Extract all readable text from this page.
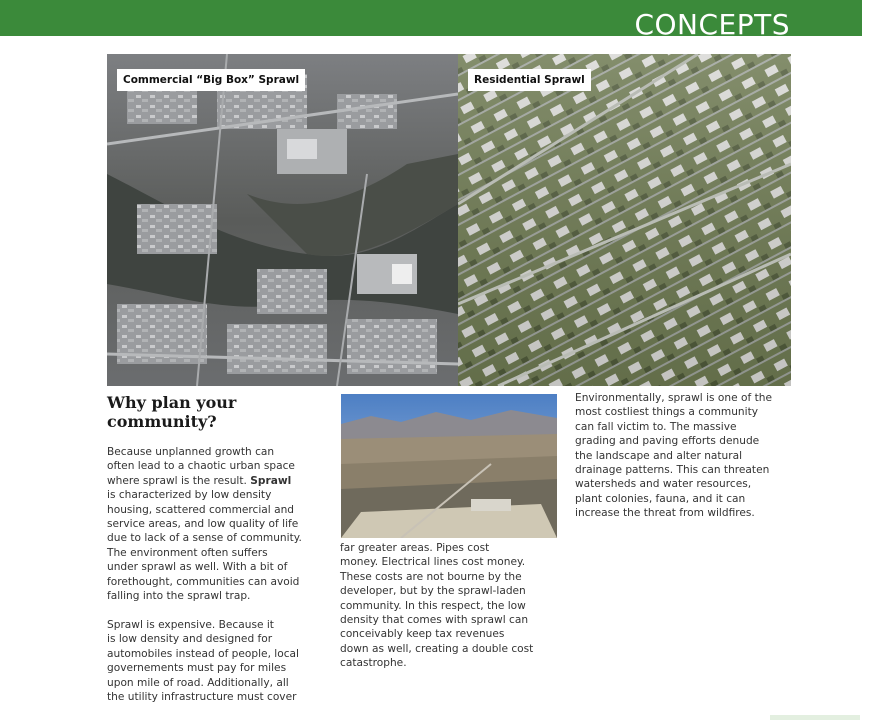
CONCEPTS
Commercial “Big Box” Sprawl	Residential Sprawl
Why plan your community?
Because unplanned growth can
often lead to a chaotic urban space
where sprawl is the result. Sprawl
is characterized by low density
housing, scattered commercial and
service areas, and low quality of life
due to lack of a sense of community.
The environment often suffers
under sprawl as well. With a bit of
forethought, communities can avoid
falling into the sprawl trap.
Sprawl is expensive. Because it
is low density and designed for
automobiles instead of people, local
governements must pay for miles
upon mile of road. Additionally, all
the utility infrastructure must cover
far greater areas. Pipes cost
money. Electrical lines cost money.
These costs are not bourne by the
developer, but by the sprawl-laden
community. In this respect, the low
density that comes with sprawl can
conceivably keep tax revenues
down as well, creating a double cost
catastrophe.
Environmentally, sprawl is one of the
most costliest things a community
can fall victim to. The massive
grading and paving efforts denude
the landscape and alter natural
drainage patterns. This can threaten
watersheds and water resources,
plant colonies, fauna, and it can
increase the threat from wildfires.
